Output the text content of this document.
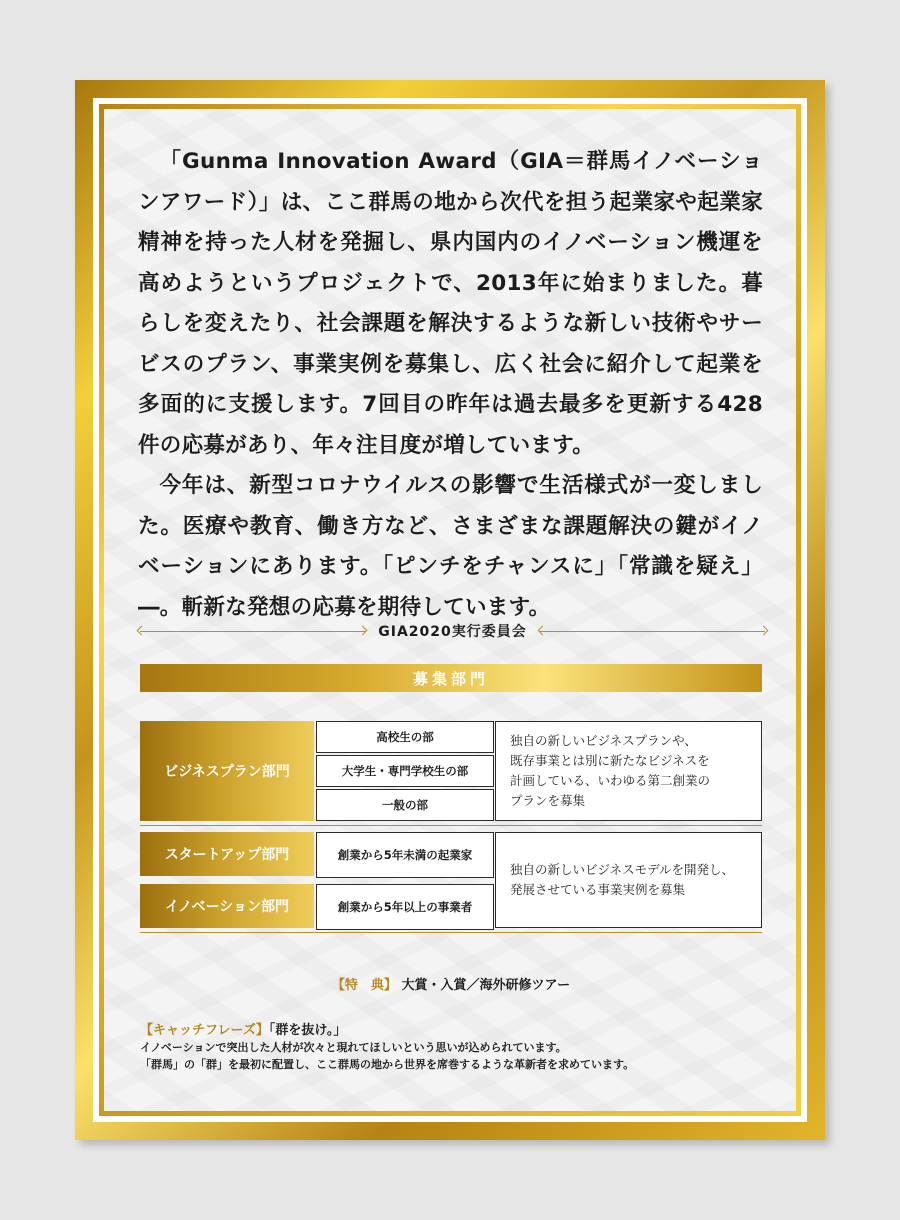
「Gunma Innovation Award（GIA＝群馬イノベーションアワード）」は、ここ群馬の地から次代を担う起業家や起業家精神を持った人材を発掘し、県内国内のイノベーション機運を高めようというプロジェクトで、2013年に始まりました。暮らしを変えたり、社会課題を解決するような新しい技術やサービスのプラン、事業実例を募集し、広く社会に紹介して起業を多面的に支援します。7回目の昨年は過去最多を更新する428件の応募があり、年々注目度が増しています。

今年は、新型コロナウイルスの影響で生活様式が一変しました。医療や教育、働き方など、さまざまな課題解決の鍵がイノベーションにあります。「ピンチをチャンスに」「常識を疑え」―。斬新な発想の応募を期待しています。

GIA2020実行委員会
募集部門
ビジネスプラン部門
高校生の部
大学生・専門学校生の部
一般の部
独自の新しいビジネスプランや、
既存事業とは別に新たなビジネスを
計画している、いわゆる第二創業の
プランを募集
スタートアップ部門	創業から5年未満の起業家
イノベーション部門	創業から5年以上の事業者
独自の新しいビジネスモデルを開発し、
発展させている事業実例を募集
【特　典】 大賞・入賞／海外研修ツアー
【キャッチフレーズ】「群を抜け。」
イノベーションで突出した人材が次々と現れてほしいという思いが込められています。
「群馬」の「群」を最初に配置し、ここ群馬の地から世界を席巻するような革新者を求めています。
